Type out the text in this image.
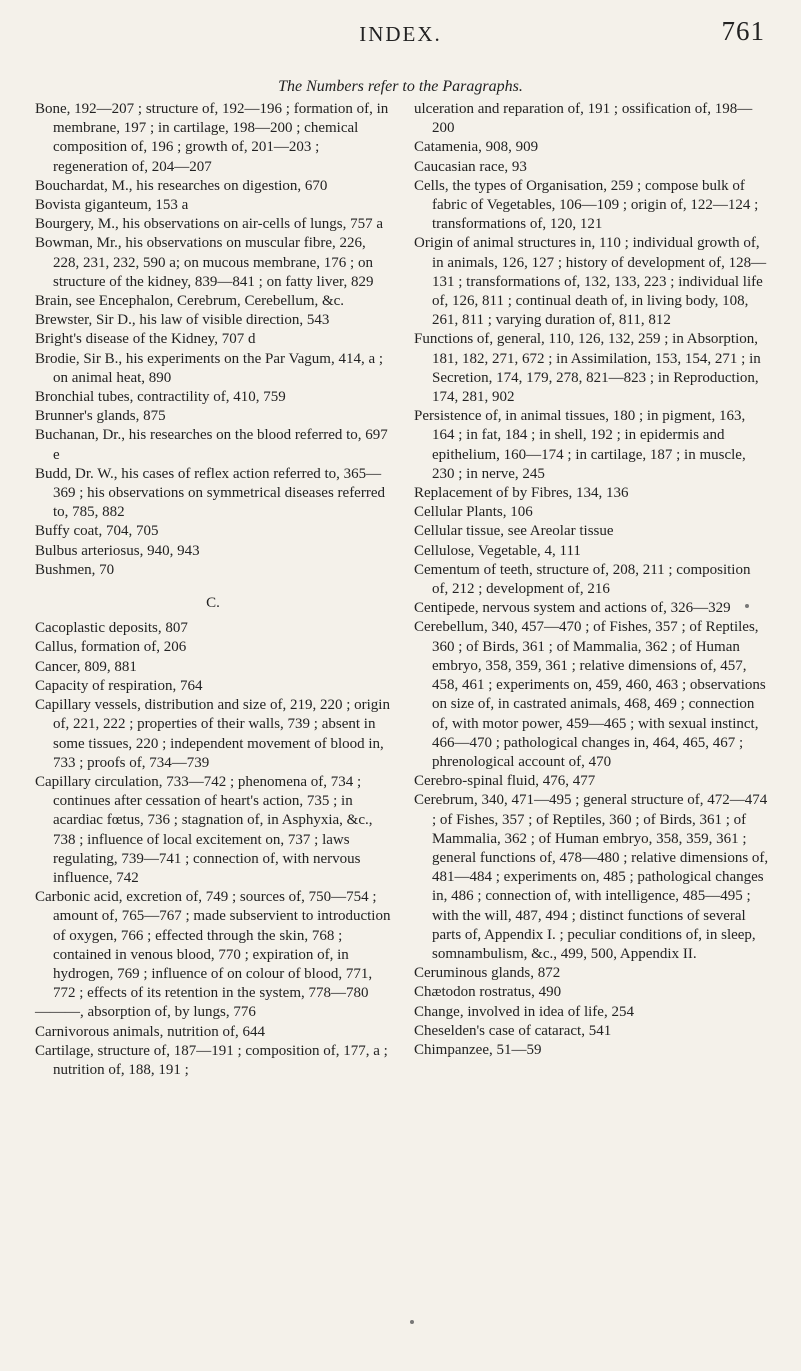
INDEX.	761
The Numbers refer to the Paragraphs.

Bone, 192—207 ; structure of, 192—196 ; formation of, in membrane, 197 ; in cartilage, 198—200 ; chemical composition of, 196 ; growth of, 201—203 ; regeneration of, 204—207

Bouchardat, M., his researches on digestion, 670

Bovista giganteum, 153 a

Bourgery, M., his observations on air-cells of lungs, 757 a

Bowman, Mr., his observations on muscular fibre, 226, 228, 231, 232, 590 a; on mucous membrane, 176 ; on structure of the kidney, 839—841 ; on fatty liver, 829

Brain, see Encephalon, Cerebrum, Cerebellum, &c.

Brewster, Sir D., his law of visible direction, 543

Bright's disease of the Kidney, 707 d

Brodie, Sir B., his experiments on the Par Vagum, 414, a ; on animal heat, 890

Bronchial tubes, contractility of, 410, 759

Brunner's glands, 875

Buchanan, Dr., his researches on the blood referred to, 697 e

Budd, Dr. W., his cases of reflex action referred to, 365—369 ; his observations on symmetrical diseases referred to, 785, 882

Buffy coat, 704, 705

Bulbus arteriosus, 940, 943

Bushmen, 70

C.

Cacoplastic deposits, 807

Callus, formation of, 206

Cancer, 809, 881

Capacity of respiration, 764

Capillary vessels, distribution and size of, 219, 220 ; origin of, 221, 222 ; properties of their walls, 739 ; absent in some tissues, 220 ; independent movement of blood in, 733 ; proofs of, 734—739

Capillary circulation, 733—742 ; phenomena of, 734 ; continues after cessation of heart's action, 735 ; in acardiac fœtus, 736 ; stagnation of, in Asphyxia, &c., 738 ; influence of local excitement on, 737 ; laws regulating, 739—741 ; connection of, with nervous influence, 742

Carbonic acid, excretion of, 749 ; sources of, 750—754 ; amount of, 765—767 ; made subservient to introduction of oxygen, 766 ; effected through the skin, 768 ; contained in venous blood, 770 ; expiration of, in hydrogen, 769 ; influence of on colour of blood, 771, 772 ; effects of its retention in the system, 778—780

———, absorption of, by lungs, 776

Carnivorous animals, nutrition of, 644

Cartilage, structure of, 187—191 ; composition of, 177, a ; nutrition of, 188, 191 ;

ulceration and reparation of, 191 ; ossification of, 198—200

Catamenia, 908, 909

Caucasian race, 93

Cells, the types of Organisation, 259 ; compose bulk of fabric of Vegetables, 106—109 ; origin of, 122—124 ; transformations of, 120, 121

Origin of animal structures in, 110 ; individual growth of, in animals, 126, 127 ; history of development of, 128—131 ; transformations of, 132, 133, 223 ; individual life of, 126, 811 ; continual death of, in living body, 108, 261, 811 ; varying duration of, 811, 812

Functions of, general, 110, 126, 132, 259 ; in Absorption, 181, 182, 271, 672 ; in Assimilation, 153, 154, 271 ; in Secretion, 174, 179, 278, 821—823 ; in Reproduction, 174, 281, 902

Persistence of, in animal tissues, 180 ; in pigment, 163, 164 ; in fat, 184 ; in shell, 192 ; in epidermis and epithelium, 160—174 ; in cartilage, 187 ; in muscle, 230 ; in nerve, 245

Replacement of by Fibres, 134, 136

Cellular Plants, 106

Cellular tissue, see Areolar tissue

Cellulose, Vegetable, 4, 111

Cementum of teeth, structure of, 208, 211 ; composition of, 212 ; development of, 216

Centipede, nervous system and actions of, 326—329

Cerebellum, 340, 457—470 ; of Fishes, 357 ; of Reptiles, 360 ; of Birds, 361 ; of Mammalia, 362 ; of Human embryo, 358, 359, 361 ; relative dimensions of, 457, 458, 461 ; experiments on, 459, 460, 463 ; observations on size of, in castrated animals, 468, 469 ; connection of, with motor power, 459—465 ; with sexual instinct, 466—470 ; pathological changes in, 464, 465, 467 ; phrenological account of, 470

Cerebro-spinal fluid, 476, 477

Cerebrum, 340, 471—495 ; general structure of, 472—474 ; of Fishes, 357 ; of Reptiles, 360 ; of Birds, 361 ; of Mammalia, 362 ; of Human embryo, 358, 359, 361 ; general functions of, 478—480 ; relative dimensions of, 481—484 ; experiments on, 485 ; pathological changes in, 486 ; connection of, with intelligence, 485—495 ; with the will, 487, 494 ; distinct functions of several parts of, Appendix I. ; peculiar conditions of, in sleep, somnambulism, &c., 499, 500, Appendix II.

Ceruminous glands, 872

Chætodon rostratus, 490

Change, involved in idea of life, 254

Cheselden's case of cataract, 541

Chimpanzee, 51—59
